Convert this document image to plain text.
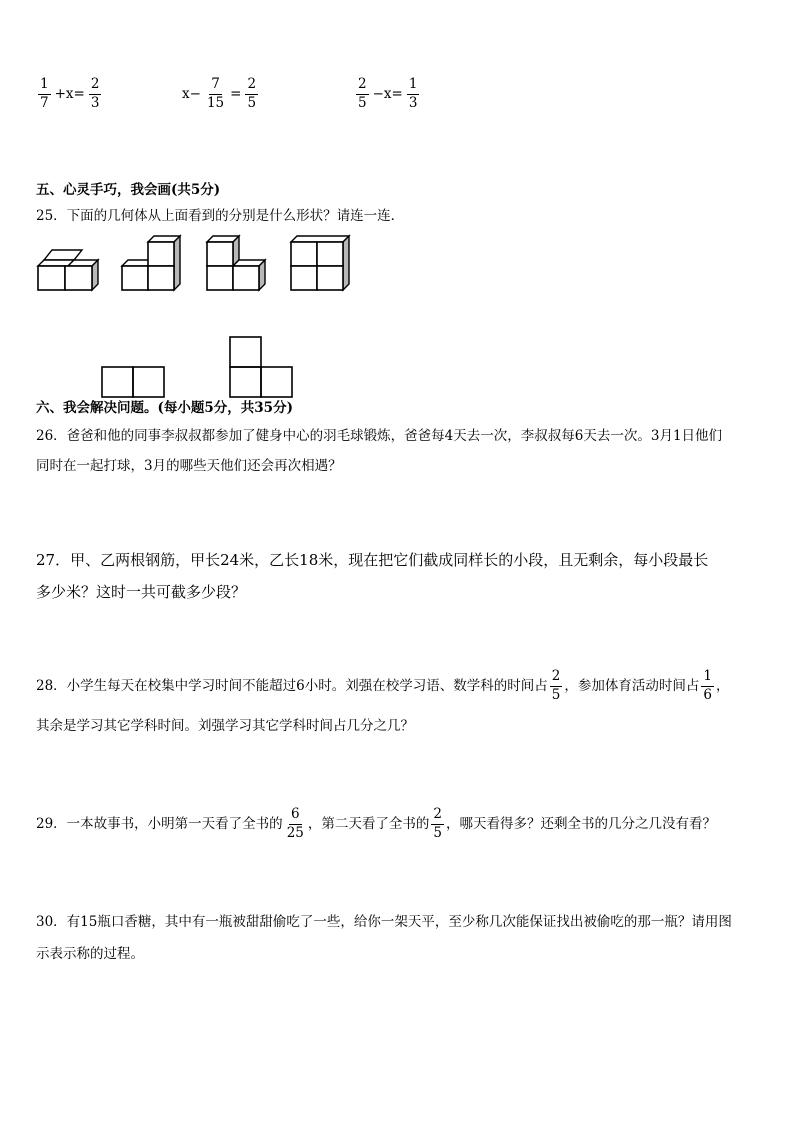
$\frac{1}{7} +x= \frac{2}{3}$	$x- \frac{7}{15} = \frac{2}{5}$	$\frac{2}{5} -x= \frac{1}{3}$
五、心灵手巧，我会画(共5分)
25．下面的几何体从上面看到的分别是什么形状？请连一连．
六、我会解决问题。(每小题5分，共35分)
26．爸爸和他的同事李叔叔都参加了健身中心的羽毛球锻炼，爸爸每4天去一次，李叔叔每6天去一次。3月1日他们
同时在一起打球，3月的哪些天他们还会再次相遇？
27．甲、乙两根钢筋，甲长24米，乙长18米，现在把它们截成同样长的小段，且无剩余，每小段最长
多少米？这时一共可截多少段？
28．小学生每天在校集中学习时间不能超过6小时。刘强在校学习语、数学科的时间占 $\frac{2}{5}$ ，参加体育活动时间占 $\frac{1}{6}$ ，
其余是学习其它学科时间。刘强学习其它学科时间占几分之几？
29．一本故事书，小明第一天看了全书的 $\frac{6}{25}$ ，第二天看了全书的 $\frac{2}{5}$ ，哪天看得多？还剩全书的几分之几没有看？
30．有15瓶口香糖，其中有一瓶被甜甜偷吃了一些，给你一架天平，至少称几次能保证找出被偷吃的那一瓶？请用图
示表示称的过程。
